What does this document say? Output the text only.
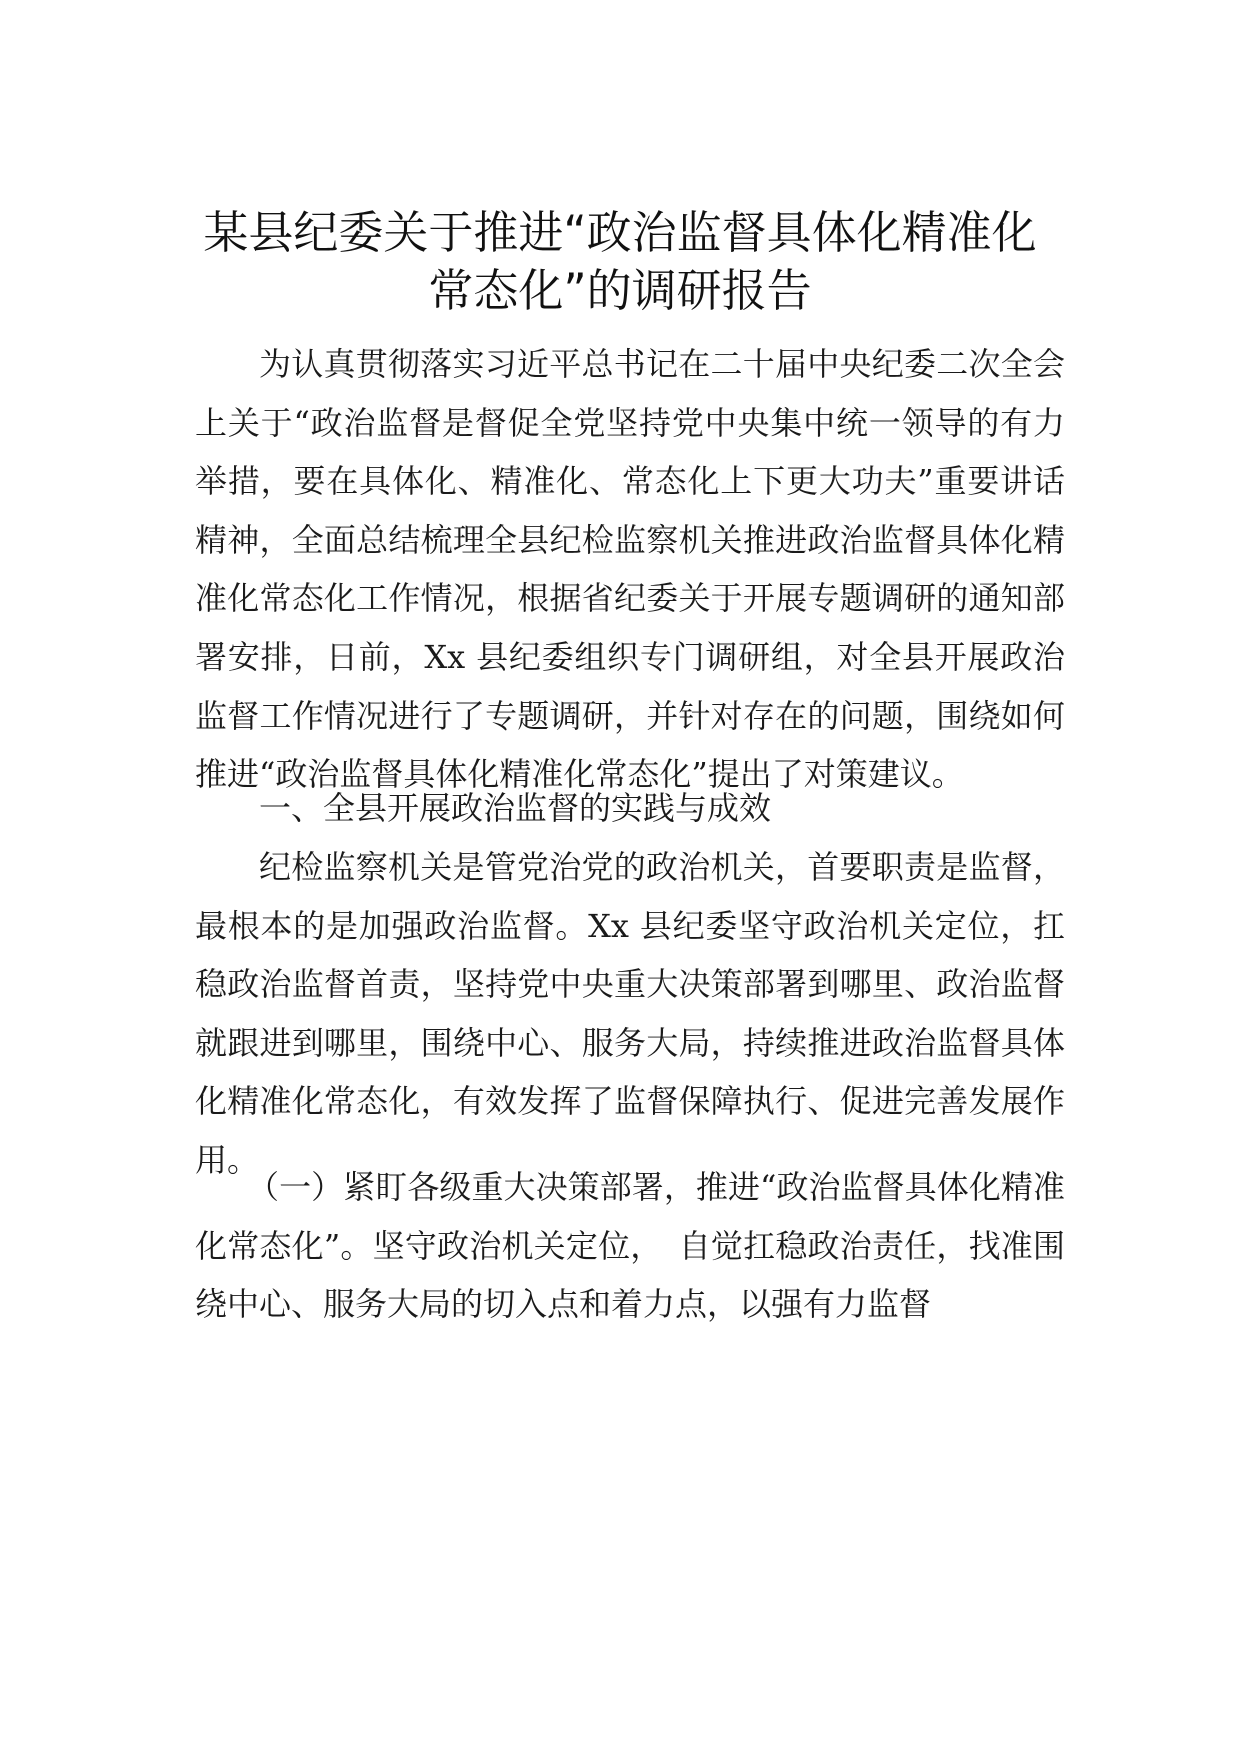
某县纪委关于推进“政治监督具体化精准化
常态化”的调研报告

为认真贯彻落实习近平总书记在二十届中央纪委二次全会上关于“政治监督是督促全党坚持党中央集中统一领导的有力举措，要在具体化、精准化、常态化上下更大功夫”重要讲话精神，全面总结梳理全县纪检监察机关推进政治监督具体化精准化常态化工作情况，根据省纪委关于开展专题调研的通知部署安排，日前，Xx 县纪委组织专门调研组，对全县开展政治监督工作情况进行了专题调研，并针对存在的问题，围绕如何推进“政治监督具体化精准化常态化”提出了对策建议。

一、全县开展政治监督的实践与成效

纪检监察机关是管党治党的政治机关，首要职责是监督，最根本的是加强政治监督。Xx 县纪委坚守政治机关定位，扛稳政治监督首责，坚持党中央重大决策部署到哪里、政治监督就跟进到哪里，围绕中心、服务大局，持续推进政治监督具体化精准化常态化，有效发挥了监督保障执行、促进完善发展作用。

（一）紧盯各级重大决策部署，推进“政治监督具体化精准化常态化”。坚守政治机关定位，　自觉扛稳政治责任，找准围绕中心、服务大局的切入点和着力点，以强有力监督
